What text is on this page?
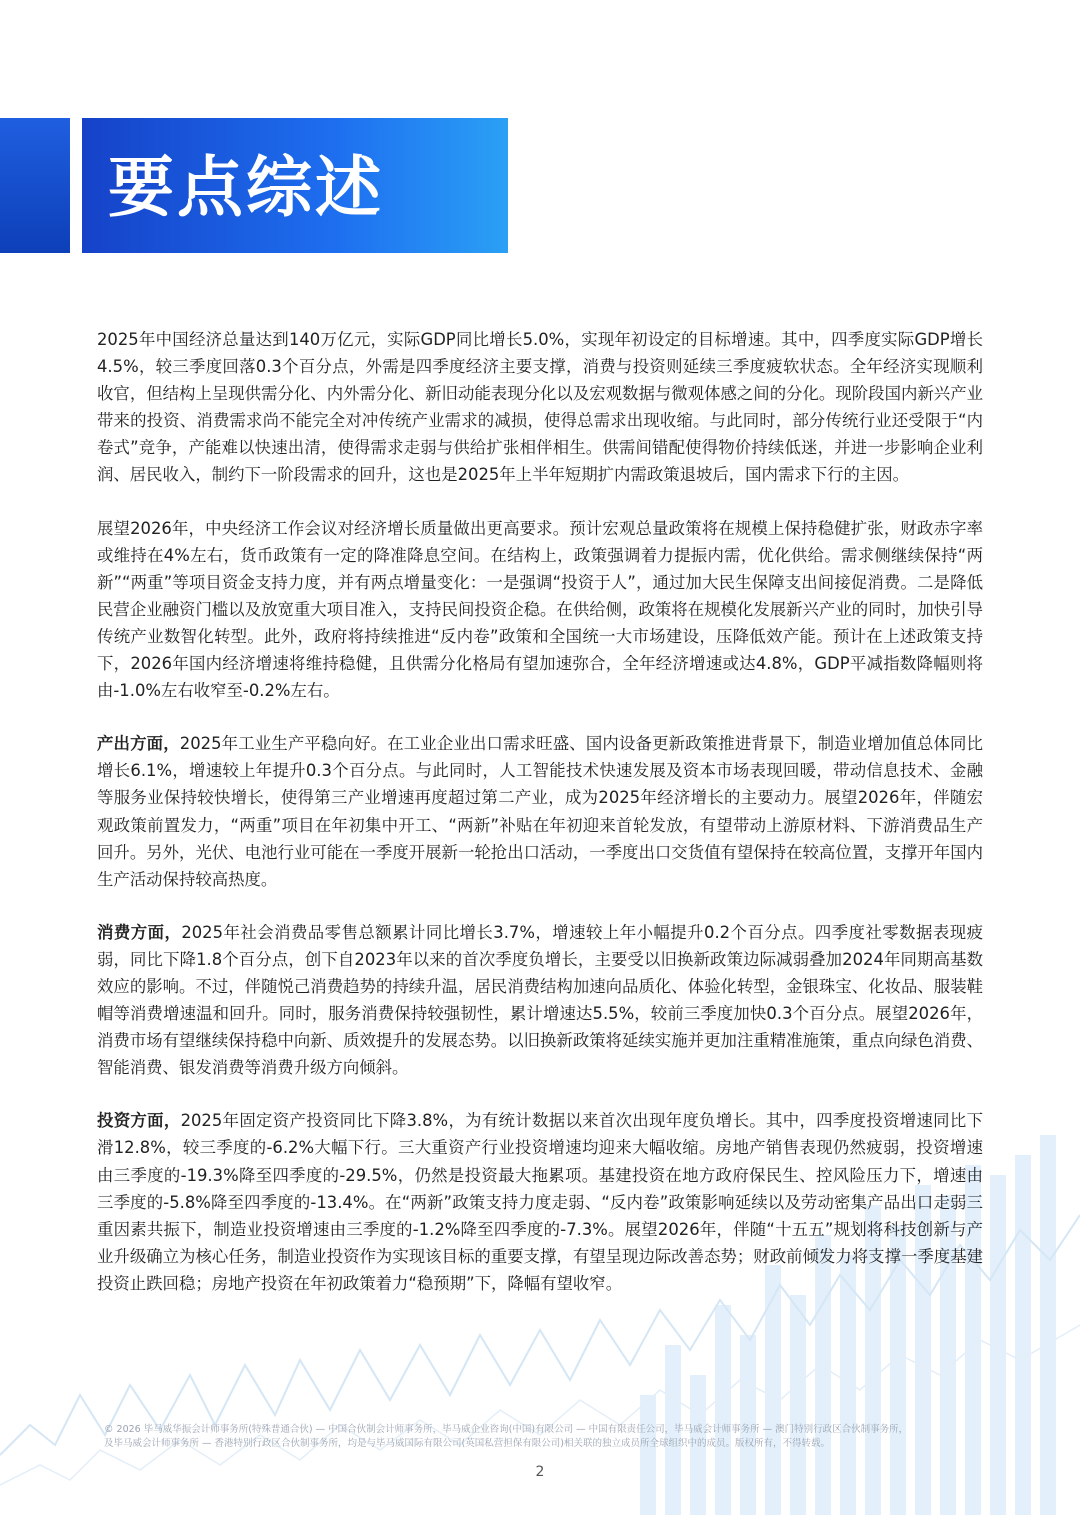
要点综述

2025年中国经济总量达到140万亿元，实际GDP同比增长5.0%，实现年初设定的目标增速。其中，四季度实际GDP增长4.5%，较三季度回落0.3个百分点，外需是四季度经济主要支撑，消费与投资则延续三季度疲软状态。全年经济实现顺利收官，但结构上呈现供需分化、内外需分化、新旧动能表现分化以及宏观数据与微观体感之间的分化。现阶段国内新兴产业带来的投资、消费需求尚不能完全对冲传统产业需求的减损，使得总需求出现收缩。与此同时，部分传统行业还受限于“内卷式”竞争，产能难以快速出清，使得需求走弱与供给扩张相伴相生。供需间错配使得物价持续低迷，并进一步影响企业利润、居民收入，制约下一阶段需求的回升，这也是2025年上半年短期扩内需政策退坡后，国内需求下行的主因。

展望2026年，中央经济工作会议对经济增长质量做出更高要求。预计宏观总量政策将在规模上保持稳健扩张，财政赤字率或维持在4%左右，货币政策有一定的降准降息空间。在结构上，政策强调着力提振内需，优化供给。需求侧继续保持“两新”“两重”等项目资金支持力度，并有两点增量变化：一是强调“投资于人”，通过加大民生保障支出间接促消费。二是降低民营企业融资门槛以及放宽重大项目准入，支持民间投资企稳。在供给侧，政策将在规模化发展新兴产业的同时，加快引导传统产业数智化转型。此外，政府将持续推进“反内卷”政策和全国统一大市场建设，压降低效产能。预计在上述政策支持下，2026年国内经济增速将维持稳健，且供需分化格局有望加速弥合，全年经济增速或达4.8%，GDP平减指数降幅则将由-1.0%左右收窄至-0.2%左右。

产出方面，2025年工业生产平稳向好。在工业企业出口需求旺盛、国内设备更新政策推进背景下，制造业增加值总体同比增长6.1%，增速较上年提升0.3个百分点。与此同时，人工智能技术快速发展及资本市场表现回暖，带动信息技术、金融等服务业保持较快增长，使得第三产业增速再度超过第二产业，成为2025年经济增长的主要动力。展望2026年，伴随宏观政策前置发力，“两重”项目在年初集中开工、“两新”补贴在年初迎来首轮发放，有望带动上游原材料、下游消费品生产回升。另外，光伏、电池行业可能在一季度开展新一轮抢出口活动，一季度出口交货值有望保持在较高位置，支撑开年国内生产活动保持较高热度。

消费方面，2025年社会消费品零售总额累计同比增长3.7%，增速较上年小幅提升0.2个百分点。四季度社零数据表现疲弱，同比下降1.8个百分点，创下自2023年以来的首次季度负增长，主要受以旧换新政策边际减弱叠加2024年同期高基数效应的影响。不过，伴随悦己消费趋势的持续升温，居民消费结构加速向品质化、体验化转型，金银珠宝、化妆品、服装鞋帽等消费增速温和回升。同时，服务消费保持较强韧性，累计增速达5.5%，较前三季度加快0.3个百分点。展望2026年，消费市场有望继续保持稳中向新、质效提升的发展态势。以旧换新政策将延续实施并更加注重精准施策，重点向绿色消费、智能消费、银发消费等消费升级方向倾斜。

投资方面，2025年固定资产投资同比下降3.8%，为有统计数据以来首次出现年度负增长。其中，四季度投资增速同比下滑12.8%，较三季度的-6.2%大幅下行。三大重资产行业投资增速均迎来大幅收缩。房地产销售表现仍然疲弱，投资增速由三季度的-19.3%降至四季度的-29.5%，仍然是投资最大拖累项。基建投资在地方政府保民生、控风险压力下，增速由三季度的-5.8%降至四季度的-13.4%。在“两新”政策支持力度走弱、“反内卷”政策影响延续以及劳动密集产品出口走弱三重因素共振下，制造业投资增速由三季度的-1.2%降至四季度的-7.3%。展望2026年，伴随“十五五”规划将科技创新与产业升级确立为核心任务，制造业投资作为实现该目标的重要支撑，有望呈现边际改善态势；财政前倾发力将支撑一季度基建投资止跌回稳；房地产投资在年初政策着力“稳预期”下，降幅有望收窄。

© 2026 毕马威华振会计师事务所(特殊普通合伙) — 中国合伙制会计师事务所，毕马威企业咨询(中国)有限公司 — 中国有限责任公司，毕马威会计师事务所 — 澳门特别行政区合伙制事务所，
及毕马威会计师事务所 — 香港特别行政区合伙制事务所，均是与毕马威国际有限公司(英国私营担保有限公司)相关联的独立成员所全球组织中的成员。版权所有，不得转载。
2
